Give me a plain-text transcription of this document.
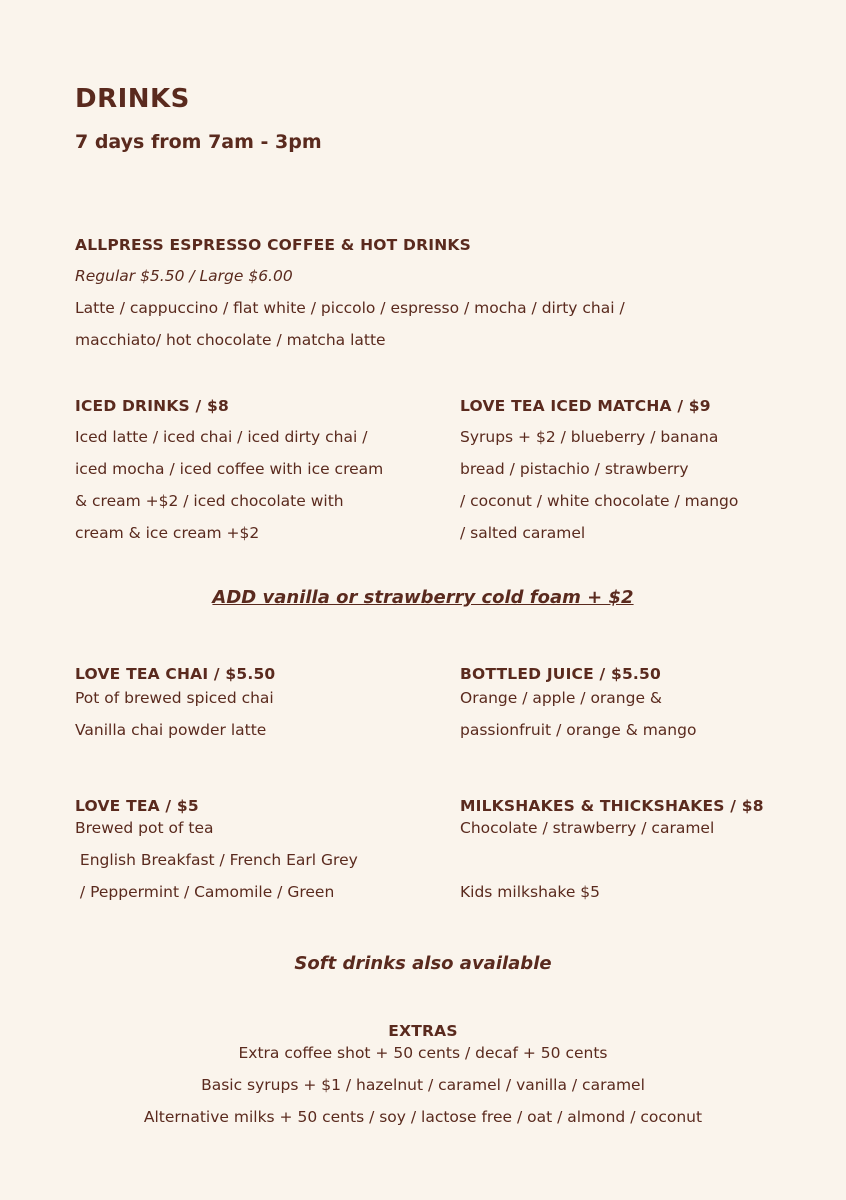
DRINKS
7 days from 7am - 3pm
ALLPRESS ESPRESSO COFFEE & HOT DRINKS
Regular $5.50 / Large $6.00
Latte / cappuccino / flat white / piccolo / espresso / mocha / dirty chai /
macchiato/ hot chocolate / matcha latte
ICED DRINKS / $8
Iced latte / iced chai / iced dirty chai /
iced mocha / iced coffee with ice cream
& cream +$2 / iced chocolate with
cream & ice cream +$2
LOVE TEA ICED MATCHA / $9
Syrups + $2 / blueberry / banana
bread / pistachio / strawberry
/ coconut / white chocolate / mango
/ salted caramel
ADD vanilla or strawberry cold foam + $2
LOVE TEA CHAI / $5.50
Pot of brewed spiced chai
Vanilla chai powder latte
BOTTLED JUICE / $5.50
Orange / apple / orange &
passionfruit / orange & mango
LOVE TEA / $5
Brewed pot of tea
English Breakfast / French Earl Grey
/ Peppermint / Camomile / Green
MILKSHAKES & THICKSHAKES / $8
Chocolate / strawberry / caramel
Kids milkshake $5
Soft drinks also available
EXTRAS
Extra coffee shot + 50 cents / decaf + 50 cents
Basic syrups + $1 / hazelnut / caramel / vanilla / caramel
Alternative milks + 50 cents / soy / lactose free / oat / almond / coconut
